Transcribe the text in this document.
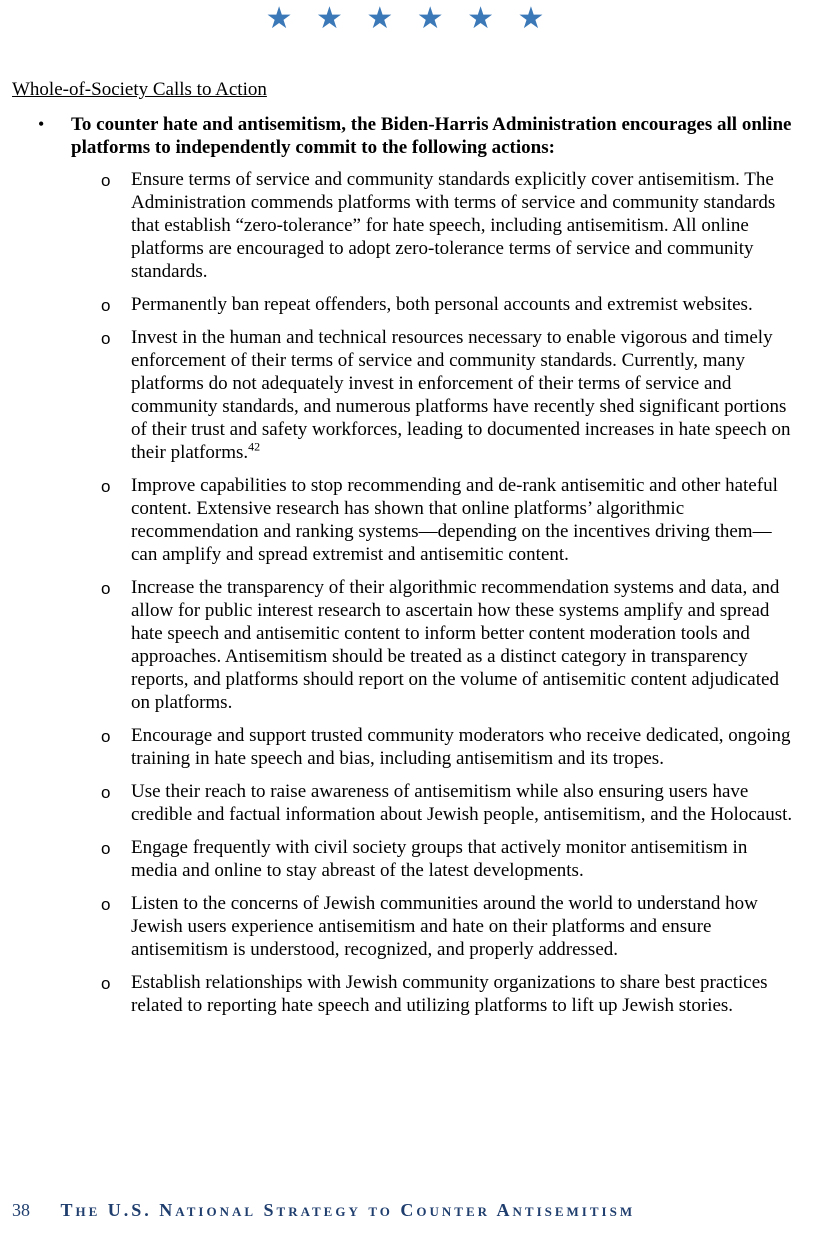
★ ★ ★ ★ ★ ★
Whole-of-Society Calls to Action
• To counter hate and antisemitism, the Biden-Harris Administration encourages all online platforms to independently commit to the following actions:
o Ensure terms of service and community standards explicitly cover antisemitism. The Administration commends platforms with terms of service and community standards that establish “zero-tolerance” for hate speech, including antisemitism. All online platforms are encouraged to adopt zero-tolerance terms of service and community standards.
o Permanently ban repeat offenders, both personal accounts and extremist websites.
o Invest in the human and technical resources necessary to enable vigorous and timely enforcement of their terms of service and community standards. Currently, many platforms do not adequately invest in enforcement of their terms of service and community standards, and numerous platforms have recently shed significant portions of their trust and safety workforces, leading to documented increases in hate speech on their platforms.$^{42}$
o Improve capabilities to stop recommending and de-rank antisemitic and other hateful content. Extensive research has shown that online platforms’ algorithmic recommendation and ranking systems—depending on the incentives driving them—can amplify and spread extremist and antisemitic content.
o Increase the transparency of their algorithmic recommendation systems and data, and allow for public interest research to ascertain how these systems amplify and spread hate speech and antisemitic content to inform better content moderation tools and approaches. Antisemitism should be treated as a distinct category in transparency reports, and platforms should report on the volume of antisemitic content adjudicated on platforms.
o Encourage and support trusted community moderators who receive dedicated, ongoing training in hate speech and bias, including antisemitism and its tropes.
o Use their reach to raise awareness of antisemitism while also ensuring users have credible and factual information about Jewish people, antisemitism, and the Holocaust.
o Engage frequently with civil society groups that actively monitor antisemitism in media and online to stay abreast of the latest developments.
o Listen to the concerns of Jewish communities around the world to understand how Jewish users experience antisemitism and hate on their platforms and ensure antisemitism is understood, recognized, and properly addressed.
o Establish relationships with Jewish community organizations to share best practices related to reporting hate speech and utilizing platforms to lift up Jewish stories.
38 The U.S. National Strategy to Counter Antisemitism
